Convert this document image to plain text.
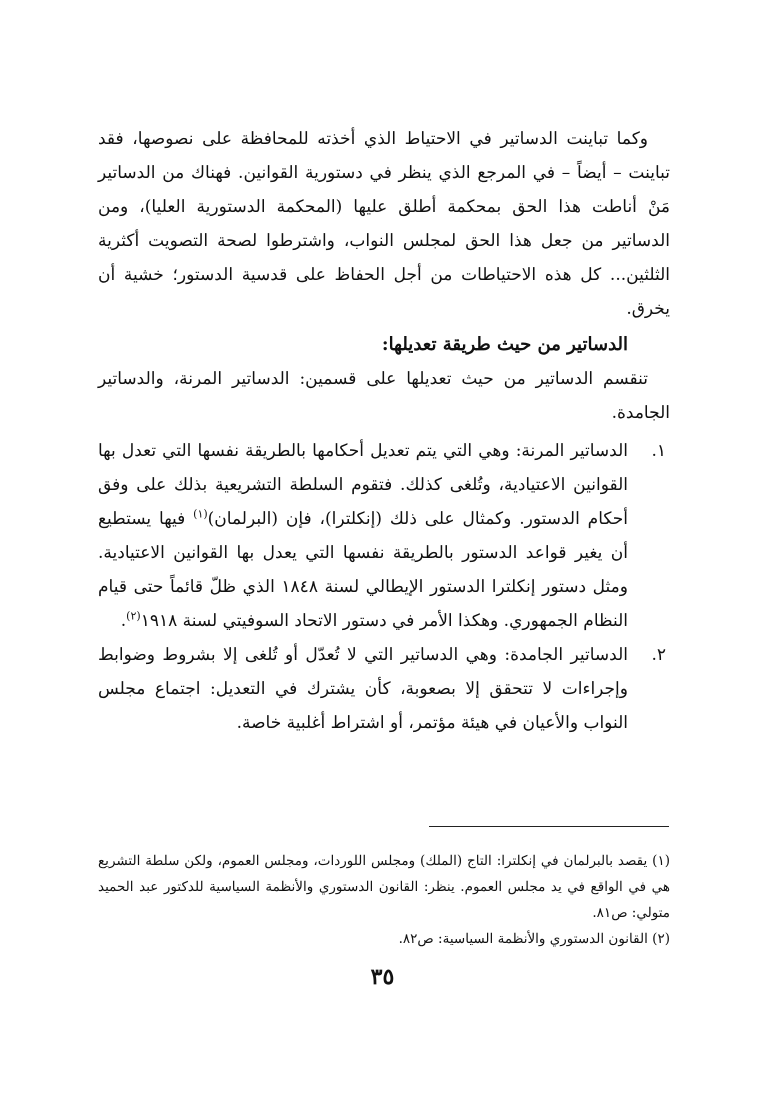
وكما تباينت الدساتير في الاحتياط الذي أخذته للمحافظة على نصوصها، فقد تباينت – أيضاً – في المرجع الذي ينظر في دستورية القوانين. فهناك من الدساتير مَنْ أناطت هذا الحق بمحكمة أطلق عليها (المحكمة الدستورية العليا)، ومن الدساتير من جعل هذا الحق لمجلس النواب، واشترطوا لصحة التصويت أكثرية الثلثين... كل هذه الاحتياطات من أجل الحفاظ على قدسية الدستور؛ خشية أن يخرق.

الدساتير من حيث طريقة تعديلها:

تنقسم الدساتير من حيث تعديلها على قسمين: الدساتير المرنة، والدساتير الجامدة.

١.
الدساتير المرنة: وهي التي يتم تعديل أحكامها بالطريقة نفسها التي تعدل بها القوانين الاعتيادية، وتُلغى كذلك. فتقوم السلطة التشريعية بذلك على وفق أحكام الدستور. وكمثال على ذلك (إنكلترا)، فإن (البرلمان)$^{(١)}$ فيها يستطيع أن يغير قواعد الدستور بالطريقة نفسها التي يعدل بها القوانين الاعتيادية. ومثل دستور إنكلترا الدستور الإيطالي لسنة ١٨٤٨ الذي ظلّ قائماً حتى قيام النظام الجمهوري. وهكذا الأمر في دستور الاتحاد السوفيتي لسنة ١٩١٨$^{(٢)}$.
٢.
الدساتير الجامدة: وهي الدساتير التي لا تُعدّل أو تُلغى إلا بشروط وضوابط وإجراءات لا تتحقق إلا بصعوبة، كأن يشترك في التعديل: اجتماع مجلس النواب والأعيان في هيئة مؤتمر، أو اشتراط أغلبية خاصة.

(١) يقصد بالبرلمان في إنكلترا: التاج (الملك) ومجلس اللوردات، ومجلس العموم، ولكن سلطة التشريع هي في الواقع في يد مجلس العموم. ينظر: القانون الدستوري والأنظمة السياسية للدكتور عبد الحميد متولي: ص٨١.

(٢) القانون الدستوري والأنظمة السياسية: ص٨٢.

٣٥
